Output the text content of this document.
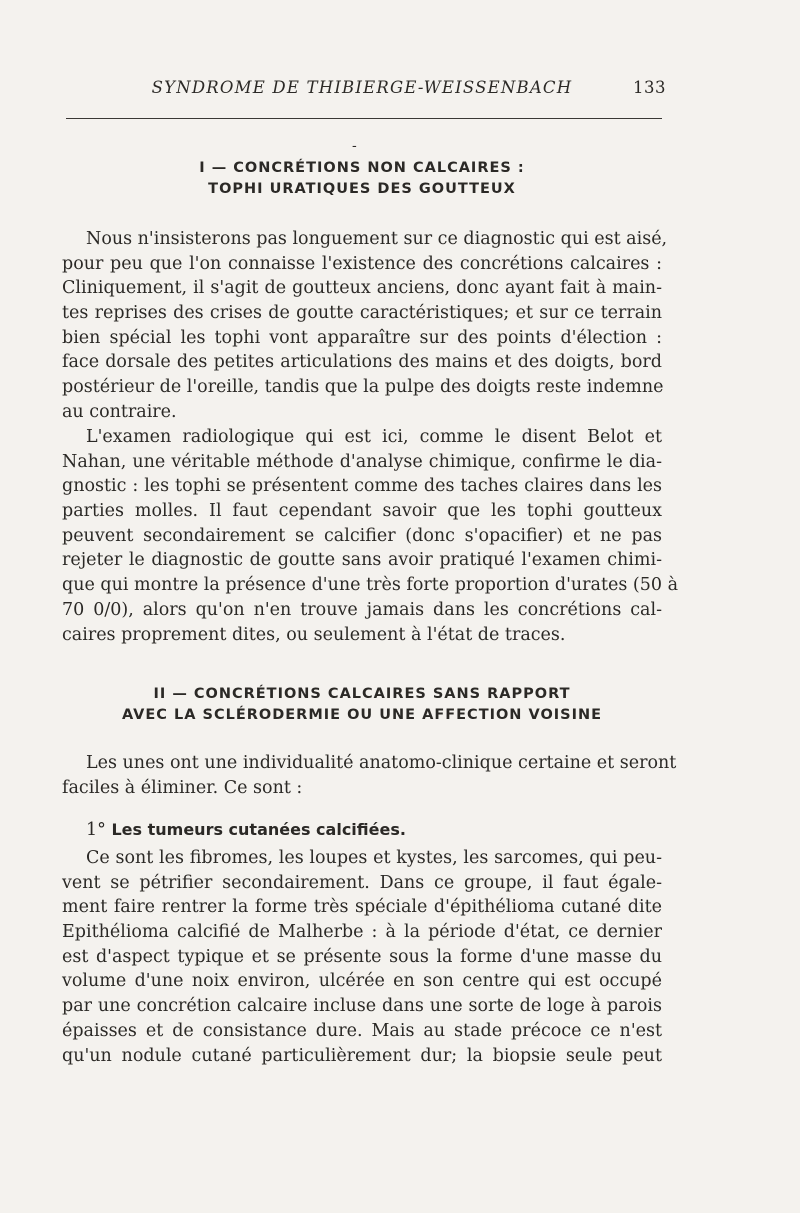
SYNDROME DE THIBIERGE-WEISSENBACH	133
-
I — CONCRÉTIONS NON CALCAIRES :
TOPHI URATIQUES DES GOUTTEUX
Nous n'insisterons pas longuement sur ce diagnostic qui est aisé,
pour peu que l'on connaisse l'existence des concrétions calcaires :
Cliniquement, il s'agit de goutteux anciens, donc ayant fait à main-
tes reprises des crises de goutte caractéristiques; et sur ce terrain
bien spécial les tophi vont apparaître sur des points d'élection :
face dorsale des petites articulations des mains et des doigts, bord
postérieur de l'oreille, tandis que la pulpe des doigts reste indemne
au contraire.
L'examen radiologique qui est ici, comme le disent Belot et
Nahan, une véritable méthode d'analyse chimique, confirme le dia-
gnostic : les tophi se présentent comme des taches claires dans les
parties molles. Il faut cependant savoir que les tophi goutteux
peuvent secondairement se calcifier (donc s'opacifier) et ne pas
rejeter le diagnostic de goutte sans avoir pratiqué l'examen chimi-
que qui montre la présence d'une très forte proportion d'urates (50 à
70 0/0), alors qu'on n'en trouve jamais dans les concrétions cal-
caires proprement dites, ou seulement à l'état de traces.
II — CONCRÉTIONS CALCAIRES SANS RAPPORT
AVEC LA SCLÉRODERMIE OU UNE AFFECTION VOISINE
Les unes ont une individualité anatomo-clinique certaine et seront
faciles à éliminer. Ce sont :
1° Les tumeurs cutanées calcifiées.
Ce sont les fibromes, les loupes et kystes, les sarcomes, qui peu-
vent se pétrifier secondairement. Dans ce groupe, il faut égale-
ment faire rentrer la forme très spéciale d'épithélioma cutané dite
Epithélioma calcifié de Malherbe : à la période d'état, ce dernier
est d'aspect typique et se présente sous la forme d'une masse du
volume d'une noix environ, ulcérée en son centre qui est occupé
par une concrétion calcaire incluse dans une sorte de loge à parois
épaisses et de consistance dure. Mais au stade précoce ce n'est
qu'un nodule cutané particulièrement dur; la biopsie seule peut
